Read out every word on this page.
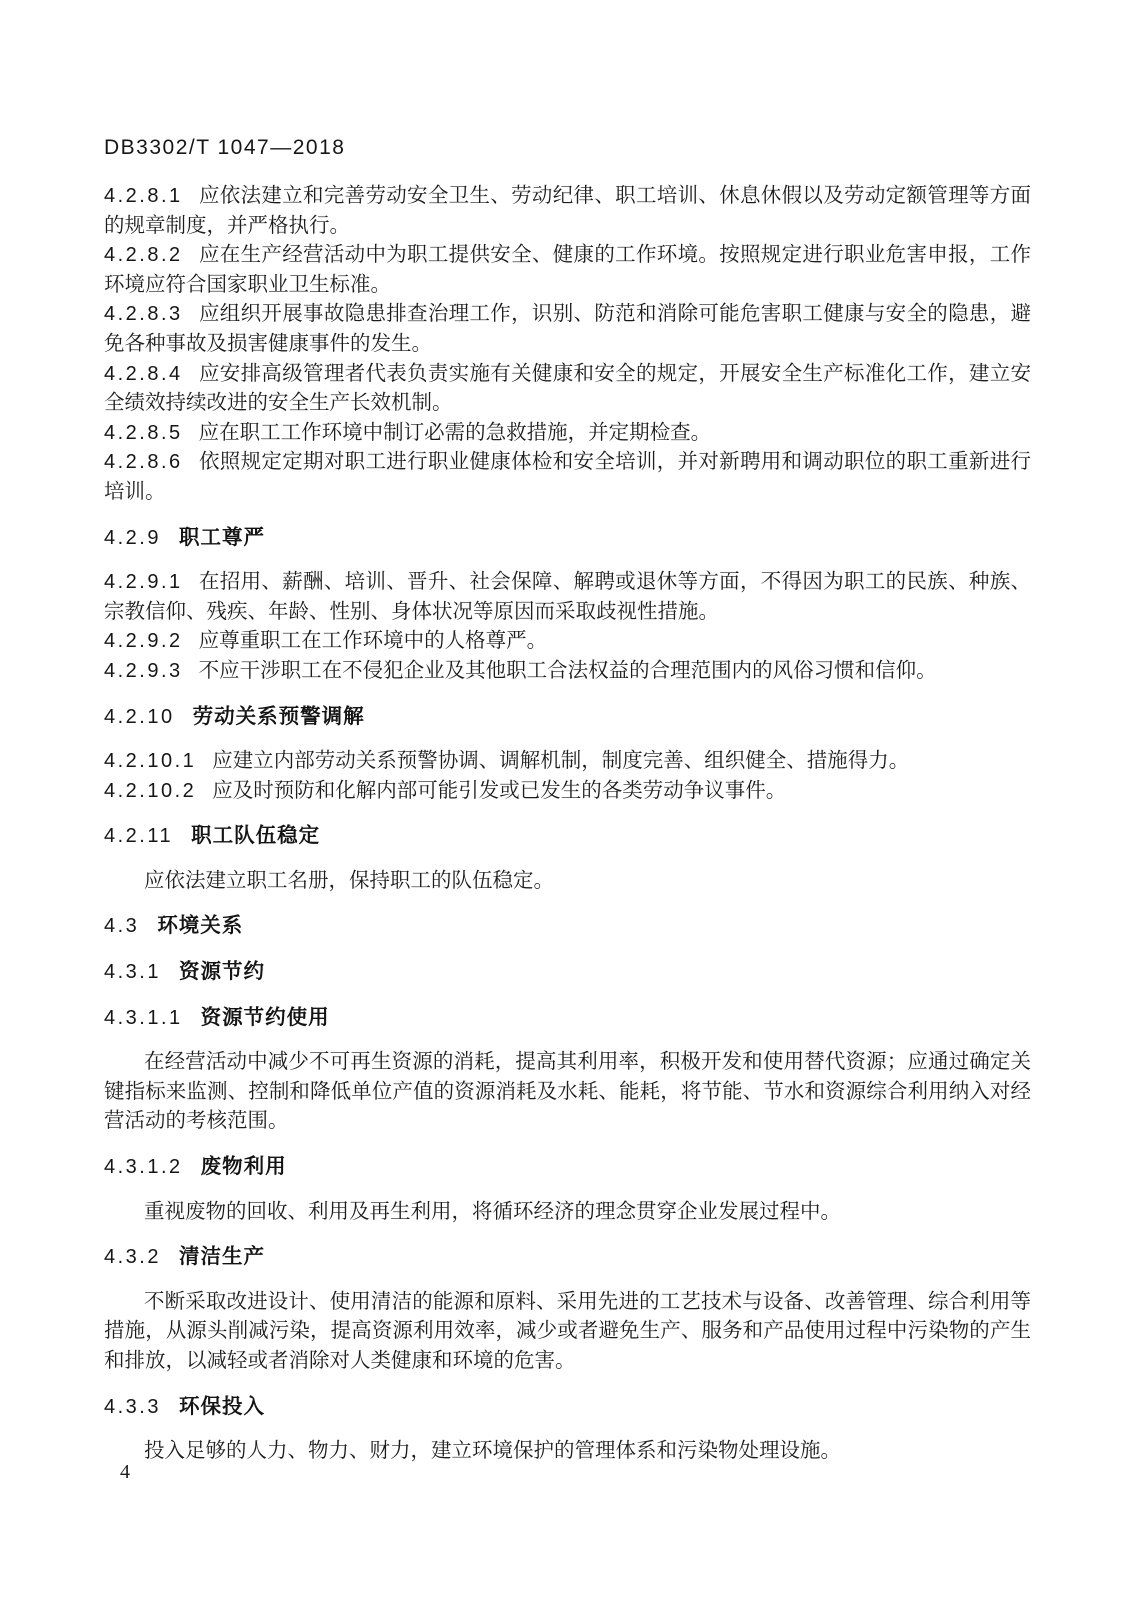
DB3302/T 1047—2018

4.2.8.1 应依法建立和完善劳动安全卫生、劳动纪律、职工培训、休息休假以及劳动定额管理等方面的规章制度，并严格执行。

4.2.8.2 应在生产经营活动中为职工提供安全、健康的工作环境。按照规定进行职业危害申报，工作环境应符合国家职业卫生标准。

4.2.8.3 应组织开展事故隐患排查治理工作，识别、防范和消除可能危害职工健康与安全的隐患，避免各种事故及损害健康事件的发生。

4.2.8.4 应安排高级管理者代表负责实施有关健康和安全的规定，开展安全生产标准化工作，建立安全绩效持续改进的安全生产长效机制。

4.2.8.5 应在职工工作环境中制订必需的急救措施，并定期检查。

4.2.8.6 依照规定定期对职工进行职业健康体检和安全培训，并对新聘用和调动职位的职工重新进行培训。

4.2.9 职工尊严

4.2.9.1 在招用、薪酬、培训、晋升、社会保障、解聘或退休等方面，不得因为职工的民族、种族、宗教信仰、残疾、年龄、性别、身体状况等原因而采取歧视性措施。

4.2.9.2 应尊重职工在工作环境中的人格尊严。

4.2.9.3 不应干涉职工在不侵犯企业及其他职工合法权益的合理范围内的风俗习惯和信仰。

4.2.10 劳动关系预警调解

4.2.10.1 应建立内部劳动关系预警协调、调解机制，制度完善、组织健全、措施得力。

4.2.10.2 应及时预防和化解内部可能引发或已发生的各类劳动争议事件。

4.2.11 职工队伍稳定

应依法建立职工名册，保持职工的队伍稳定。

4.3 环境关系
4.3.1 资源节约
4.3.1.1 资源节约使用

在经营活动中减少不可再生资源的消耗，提高其利用率，积极开发和使用替代资源；应通过确定关键指标来监测、控制和降低单位产值的资源消耗及水耗、能耗，将节能、节水和资源综合利用纳入对经营活动的考核范围。

4.3.1.2 废物利用

重视废物的回收、利用及再生利用，将循环经济的理念贯穿企业发展过程中。

4.3.2 清洁生产

不断采取改进设计、使用清洁的能源和原料、采用先进的工艺技术与设备、改善管理、综合利用等措施，从源头削减污染，提高资源利用效率，减少或者避免生产、服务和产品使用过程中污染物的产生和排放，以减轻或者消除对人类健康和环境的危害。

4.3.3 环保投入

投入足够的人力、物力、财力，建立环境保护的管理体系和污染物处理设施。

4
